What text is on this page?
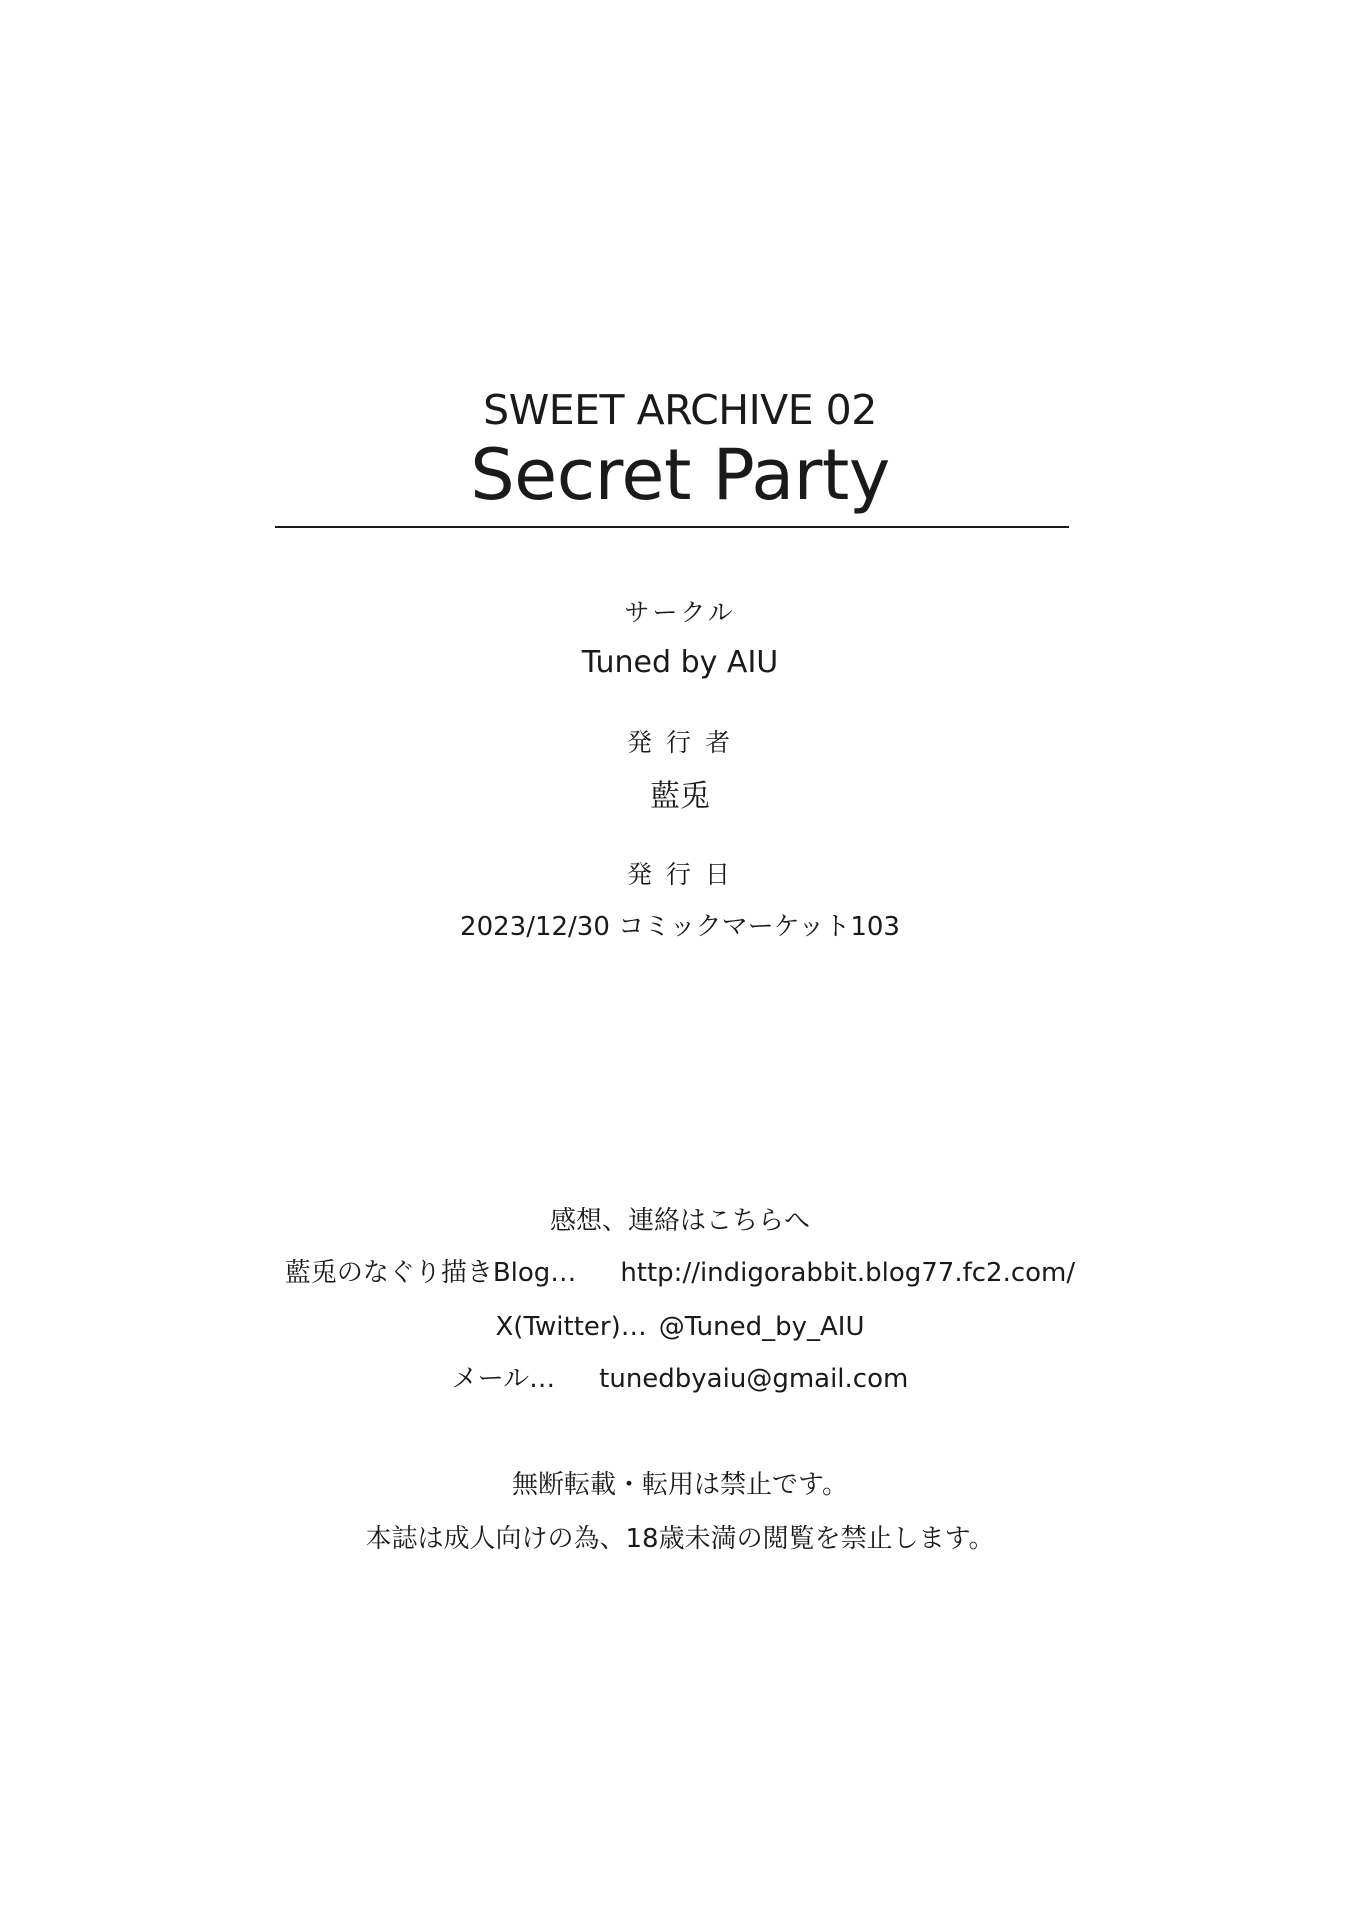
SWEET ARCHIVE 02
Secret Party
サークル
Tuned by AIU
発 行 者
藍兎
発 行 日
2023/12/30 コミックマーケット103
感想、連絡はこちらへ
藍兎のなぐり描きBlog… http://indigorabbit.blog77.fc2.com/
X(Twitter)… @Tuned_by_AIU
メール… tunedbyaiu@gmail.com
無断転載・転用は禁止です。
本誌は成人向けの為、18歳未満の閲覧を禁止します。
